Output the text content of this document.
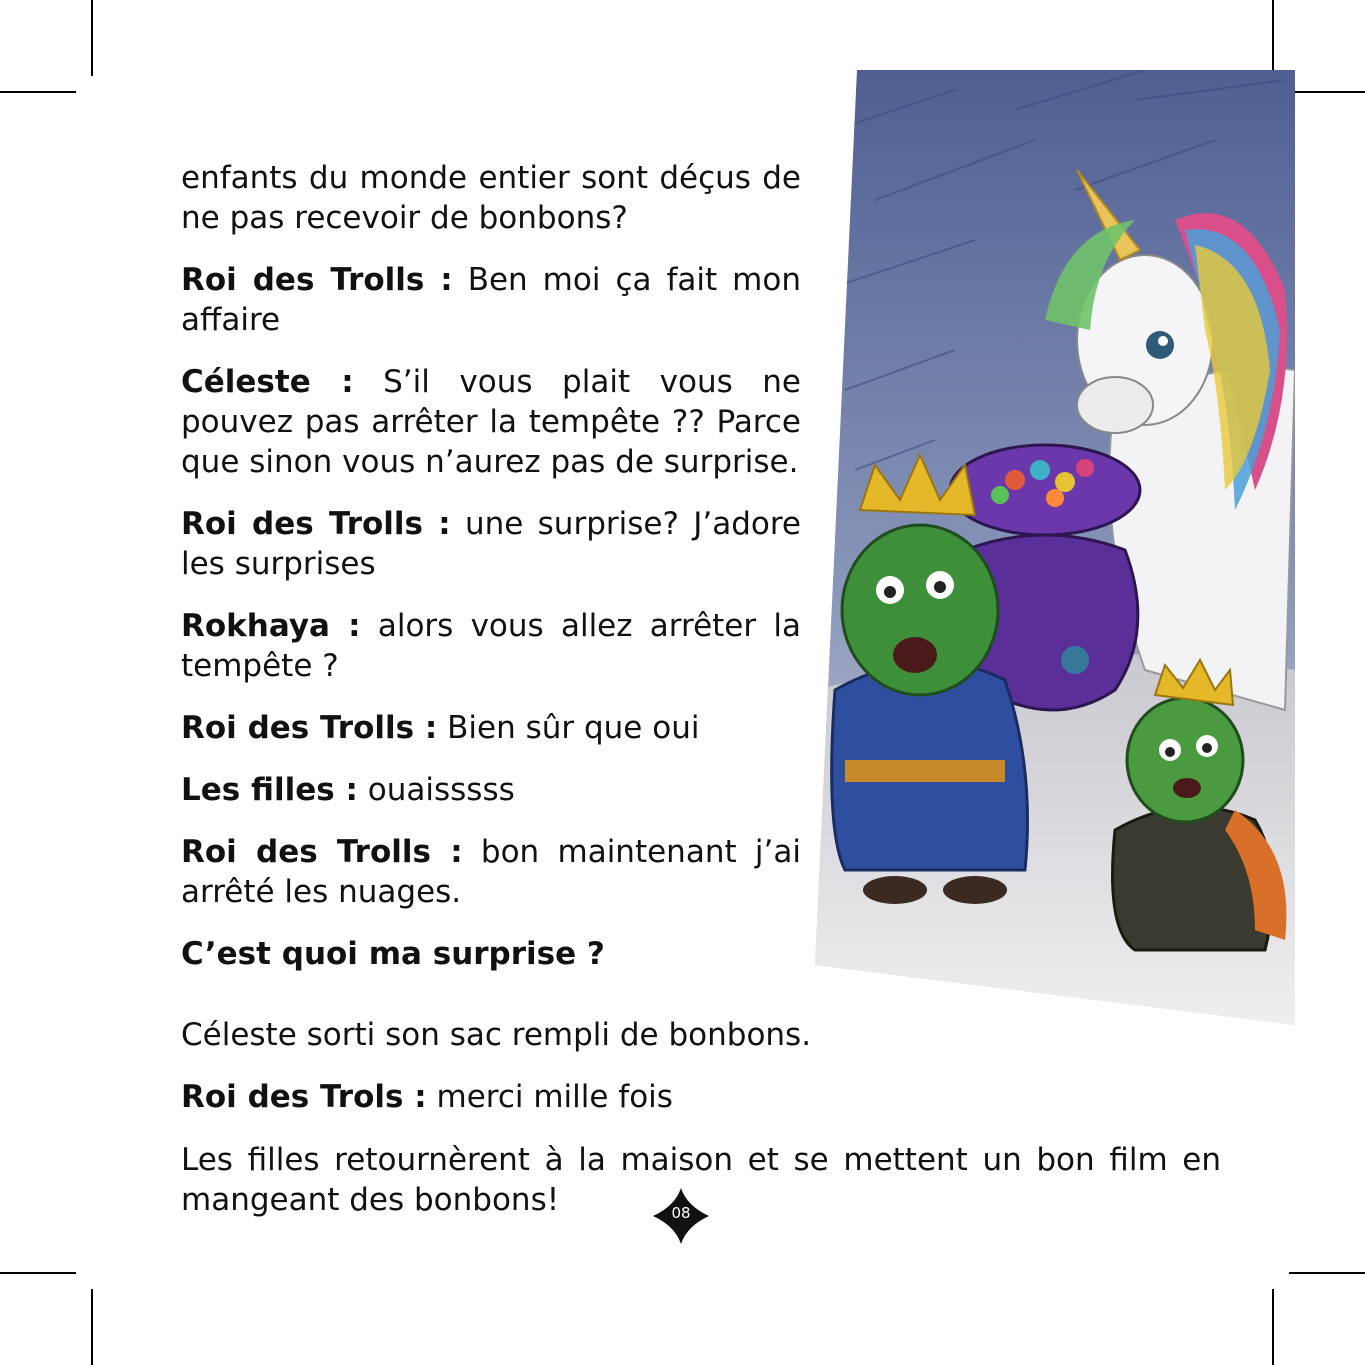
enfants du monde entier sont déçus de ne pas recevoir de bonbons?

Roi des Trolls : Ben moi ça fait mon affaire

Céleste : S’il vous plait vous ne pouvez pas arrêter la tempête ?? Parce que sinon vous n’aurez pas de surprise.

Roi des Trolls : une surprise? J’adore les surprises

Rokhaya : alors vous allez arrêter la tempête ?

Roi des Trolls : Bien sûr que oui

Les filles : ouaisssss

Roi des Trolls : bon maintenant j’ai arrêté les nuages.

C’est quoi ma surprise ?

Céleste sorti son sac rempli de bonbons.

Roi des Trols : merci mille fois

Les filles retournèrent à la maison et se mettent un bon film en mangeant des bonbons!	08
